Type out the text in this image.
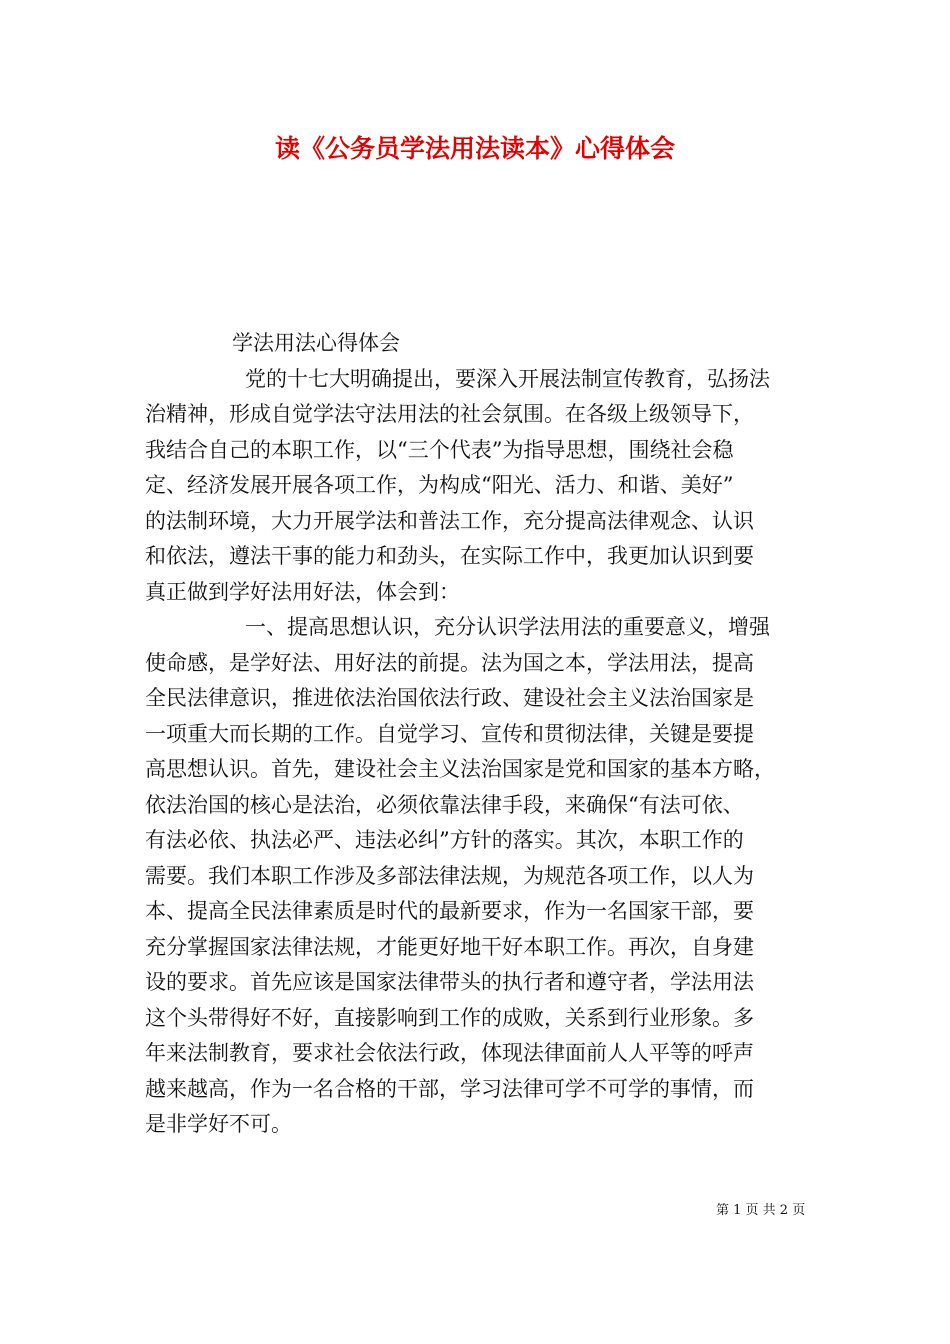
读《公务员学法用法读本》心得体会
学法用法心得体会
党的十七大明确提出，要深入开展法制宣传教育，弘扬法
治精神，形成自觉学法守法用法的社会氛围。在各级上级领导下，
我结合自己的本职工作，以“三个代表”为指导思想，围绕社会稳
定、经济发展开展各项工作，为构成“阳光、活力、和谐、美好”
的法制环境，大力开展学法和普法工作，充分提高法律观念、认识
和依法，遵法干事的能力和劲头，在实际工作中，我更加认识到要
真正做到学好法用好法，体会到：
一、提高思想认识，充分认识学法用法的重要意义，增强
使命感，是学好法、用好法的前提。法为国之本，学法用法，提高
全民法律意识，推进依法治国依法行政、建设社会主义法治国家是
一项重大而长期的工作。自觉学习、宣传和贯彻法律，关键是要提
高思想认识。首先，建设社会主义法治国家是党和国家的基本方略，
依法治国的核心是法治，必须依靠法律手段，来确保“有法可依、
有法必依、执法必严、违法必纠”方针的落实。其次，本职工作的
需要。我们本职工作涉及多部法律法规，为规范各项工作，以人为
本、提高全民法律素质是时代的最新要求，作为一名国家干部，要
充分掌握国家法律法规，才能更好地干好本职工作。再次，自身建
设的要求。首先应该是国家法律带头的执行者和遵守者，学法用法
这个头带得好不好，直接影响到工作的成败，关系到行业形象。多
年来法制教育，要求社会依法行政，体现法律面前人人平等的呼声
越来越高，作为一名合格的干部，学习法律可学不可学的事情，而
是非学好不可。
第 1 页 共 2 页
